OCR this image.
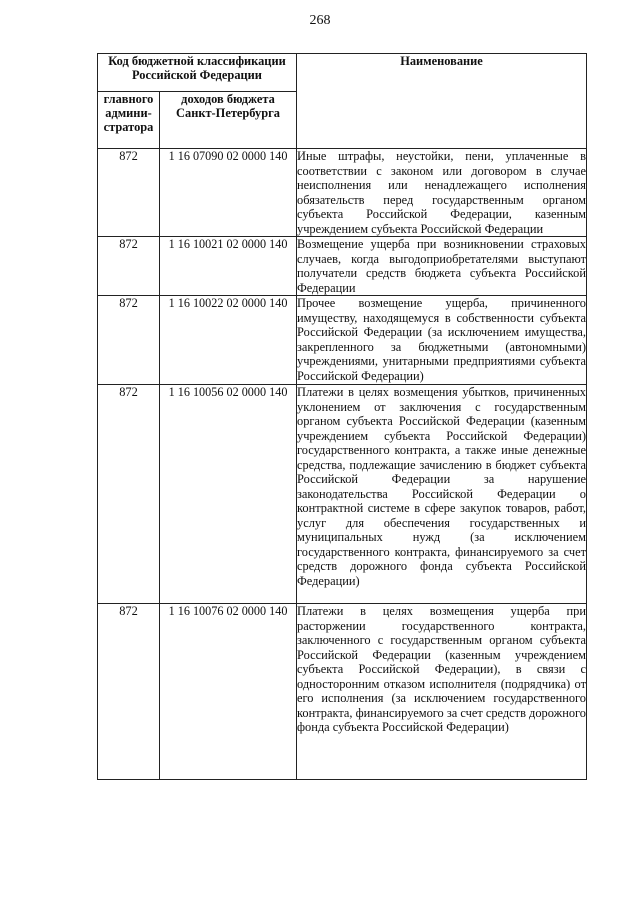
268
Код бюджетной классификации Российской Федерации		Наименование
главного админи-стратора	доходов бюджета Санкт-Петербурга	
872	1 16 07090 02 0000 140	Иные штрафы, неустойки, пени, уплаченные в соответствии с законом или договором в случае неисполнения или ненадлежащего исполнения обязательств перед государственным органом субъекта Российской Федерации, казенным учреждением субъекта Российской Федерации
872	1 16 10021 02 0000 140	Возмещение ущерба при возникновении страховых случаев, когда выгодоприобретателями выступают получатели средств бюджета субъекта Российской Федерации
872	1 16 10022 02 0000 140	Прочее возмещение ущерба, причиненного имуществу, находящемуся в собственности субъекта Российской Федерации (за исключением имущества, закрепленного за бюджетными (автономными) учреждениями, унитарными предприятиями субъекта Российской Федерации)
872	1 16 10056 02 0000 140	Платежи в целях возмещения убытков, причиненных уклонением от заключения с государственным органом субъекта Российской Федерации (казенным учреждением субъекта Российской Федерации) государственного контракта, а также иные денежные средства, подлежащие зачислению в бюджет субъекта Российской Федерации за нарушение законодательства Российской Федерации о контрактной системе в сфере закупок товаров, работ, услуг для обеспечения государственных и муниципальных нужд (за исключением государственного контракта, финансируемого за счет средств дорожного фонда субъекта Российской Федерации)
872	1 16 10076 02 0000 140	Платежи в целях возмещения ущерба при расторжении государственного контракта, заключенного с государственным органом субъекта Российской Федерации (казенным учреждением субъекта Российской Федерации), в связи с односторонним отказом исполнителя (подрядчика) от его исполнения (за исключением государственного контракта, финансируемого за счет средств дорожного фонда субъекта Российской Федерации)
